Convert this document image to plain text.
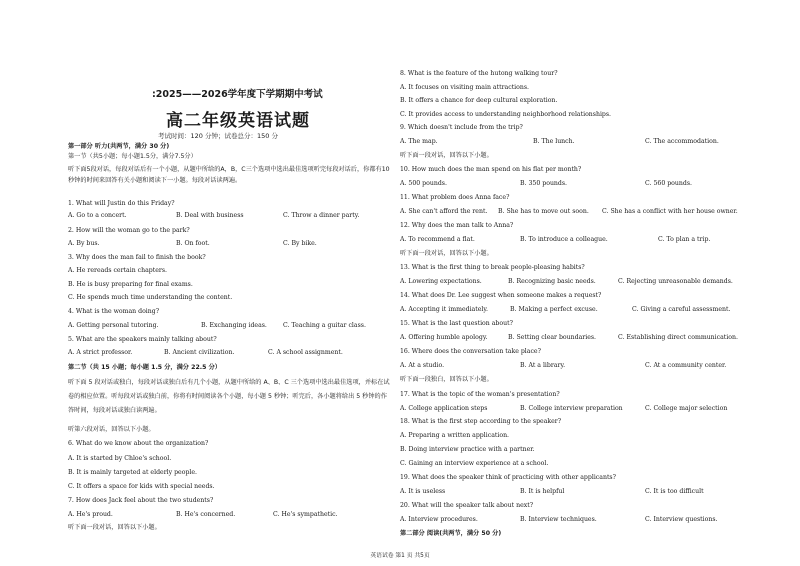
:2025——2026学年度下学期期中考试
高二年级英语试题
考试时间：120 分钟；试卷总分：150 分
第一部分 听力(共两节，满分 30 分)
第一节（共5小题；每小题1.5分，满分7.5分）
听下面5段对话，每段对话后有一个小题，从题中所给的A，B，C三个选项中选出最佳选项听完每段对话后，你都有10秒钟的时间来回答有关小题和阅读下一小题。每段对话读两遍。
1. What will Justin do this Friday?
A. Go to a concert.	B. Deal with business	C. Throw a dinner party.
2. How will the woman go to the park?
A. By bus.	B. On foot.	C. By bike.
3. Why does the man fail to finish the book?
A. He rereads certain chapters.
B. He is busy preparing for final exams.
C. He spends much time understanding the content.
4. What is the woman doing?
A. Getting personal tutoring.	B. Exchanging ideas.	C. Teaching a guitar class.
5. What are the speakers mainly talking about?
A. A strict professor.	B. Ancient civilization.	C. A school assignment.
第二节（共 15 小题；每小题 1.5 分，满分 22.5 分）
听下面 5 段对话或独白，每段对话或独白后有几个小题，从题中所给的 A、B、C 三个选项中选出最佳选项，并标在试卷的相应位置。听每段对话或独白前，你将有时间阅读各个小题，每小题 5 秒钟；听完后，各小题将给出 5 秒钟的作答时间，每段对话或独白读两遍。
听第六段对话，回答以下小题。
6. What do we know about the organization?
A. It is started by Chloe's school.
B. It is mainly targeted at elderly people.
C. It offers a space for kids with special needs.
7. How does Jack feel about the two students?
A. He's proud.	B. He's concerned.	C. He's sympathetic.
听下面一段对话，回答以下小题。
8. What is the feature of the hutong walking tour?
A. It focuses on visiting main attractions.
B. It offers a chance for deep cultural exploration.
C. It provides access to understanding neighborhood relationships.
9. Which doesn't include from the trip?
A. The map.	B. The lunch.	C. The accommodation.
听下面一段对话，回答以下小题。
10. How much does the man spend on his flat per month?
A. 500 pounds.	B. 350 pounds.	C. 560 pounds.
11. What problem does Anna face?
A. She can't afford the rent. B. She has to move out soon. C. She has a conflict with her house owner.
12. Why does the man talk to Anna?
A. To recommend a flat.	B. To introduce a colleague.	C. To plan a trip.
听下面一段对话，回答以下小题。
13. What is the first thing to break people-pleasing habits?
A. Lowering expectations.	B. Recognizing basic needs.	C. Rejecting unreasonable demands.
14. What does Dr. Lee suggest when someone makes a request?
A. Accepting it immediately.	B. Making a perfect excuse.	C. Giving a careful assessment.
15. What is the last question about?
A. Offering humble apology.	B. Setting clear boundaries.	C. Establishing direct communication.
16. Where does the conversation take place?
A. At a studio.	B. At a library.	C. At a community center.
听下面一段独白，回答以下小题。
17. What is the topic of the woman's presentation?
A. College application steps	B. College interview preparation	C. College major selection
18. What is the first step according to the speaker?
A. Preparing a written application.
B. Doing interview practice with a partner.
C. Gaining an interview experience at a school.
19. What does the speaker think of practicing with other applicants?
A. It is useless	B. It is helpful	C. It is too difficult
20. What will the speaker talk about next?
A. Interview procedures.	B. Interview techniques.	C. Interview questions.
第二部分 阅读(共两节，满分 50 分)
英语试卷 第1 页 共5页
